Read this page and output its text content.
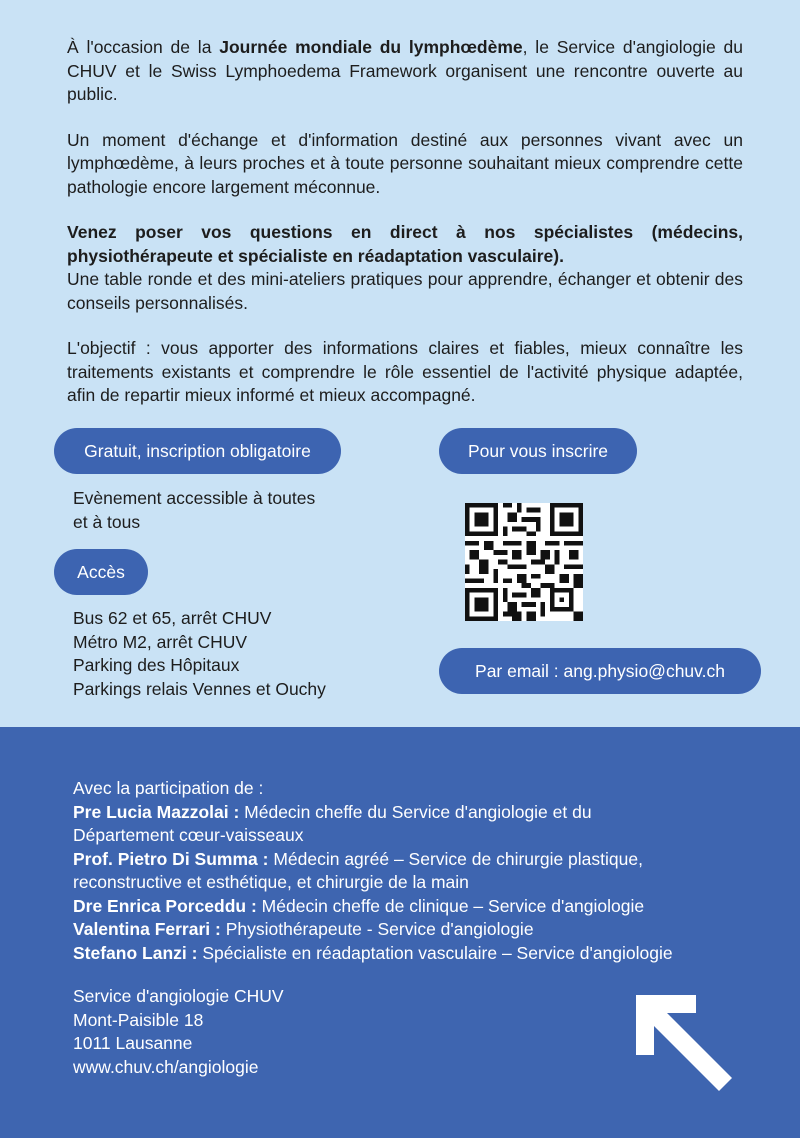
À l'occasion de la Journée mondiale du lymphœdème, le Service d'angiologie du CHUV et le Swiss Lymphoedema Framework organisent une rencontre ouverte au public.

Un moment d'échange et d'information destiné aux personnes vivant avec un lymphœdème, à leurs proches et à toute personne souhaitant mieux comprendre cette pathologie encore largement méconnue.

Venez poser vos questions en direct à nos spécialistes (médecins, physiothérapeute et spécialiste en réadaptation vasculaire).
Une table ronde et des mini-ateliers pratiques pour apprendre, échanger et obtenir des conseils personnalisés.

L'objectif : vous apporter des informations claires et fiables, mieux connaître les traitements existants et comprendre le rôle essentiel de l'activité physique adaptée, afin de repartir mieux informé et mieux accompagné.

Gratuit, inscription obligatoire
Evènement accessible à toutes
et à tous
Accès
Bus 62 et 65, arrêt CHUV
Métro M2, arrêt CHUV
Parking des Hôpitaux
Parkings relais Vennes et Ouchy
Pour vous inscrire
Par email : ang.physio@chuv.ch
Avec la participation de :
Pre Lucia Mazzolai : Médecin cheffe du Service d'angiologie et du
Département cœur-vaisseaux
Prof. Pietro Di Summa : Médecin agréé – Service de chirurgie plastique,
reconstructive et esthétique, et chirurgie de la main
Dre Enrica Porceddu : Médecin cheffe de clinique – Service d'angiologie
Valentina Ferrari : Physiothérapeute - Service d'angiologie
Stefano Lanzi : Spécialiste en réadaptation vasculaire – Service d'angiologie
Service d'angiologie CHUV
Mont-Paisible 18
1011 Lausanne
www.chuv.ch/angiologie
